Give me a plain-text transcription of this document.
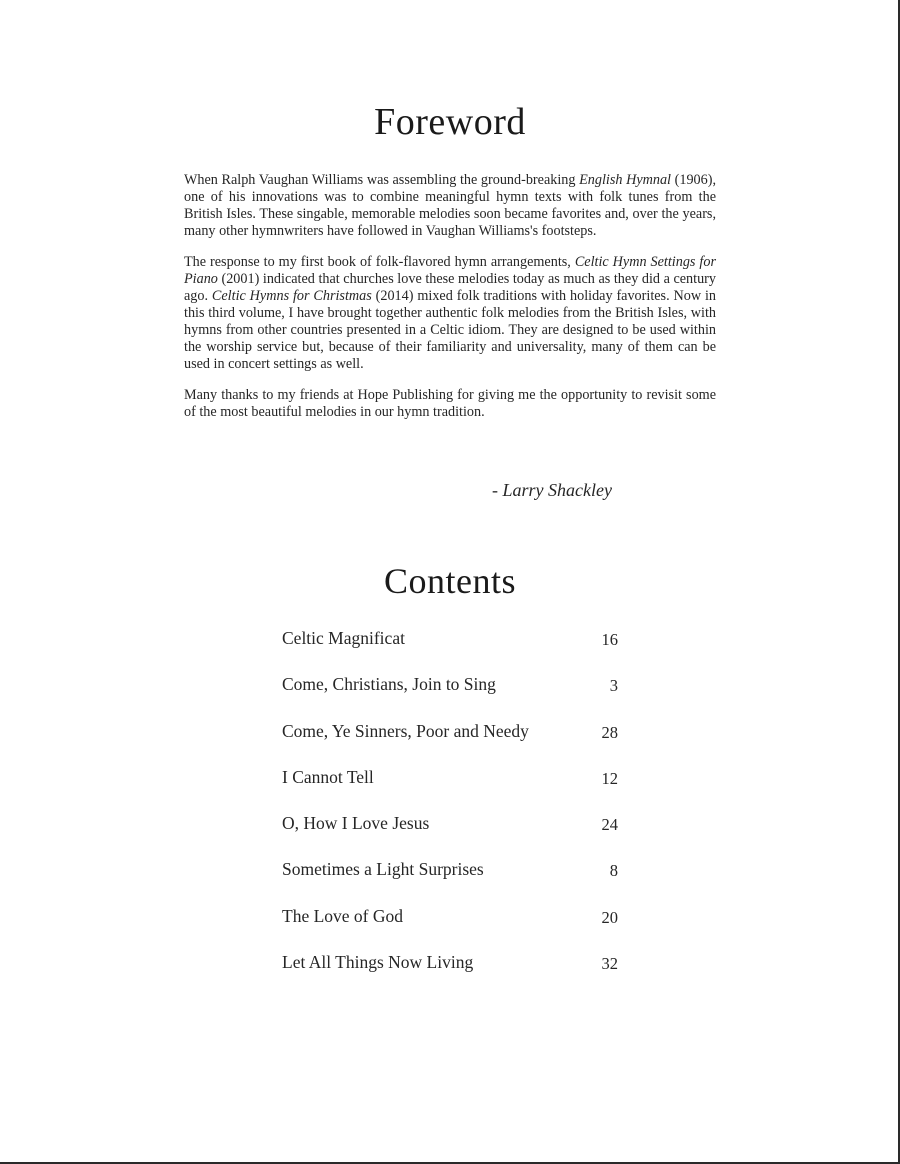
Foreword

When Ralph Vaughan Williams was assembling the ground-breaking English Hymnal (1906), one of his innovations was to combine meaningful hymn texts with folk tunes from the British Isles. These singable, memorable melodies soon became favorites and, over the years, many other hymnwriters have followed in Vaughan Williams's footsteps.

The response to my first book of folk-flavored hymn arrangements, Celtic Hymn Settings for Piano (2001) indicated that churches love these melodies today as much as they did a century ago. Celtic Hymns for Christmas (2014) mixed folk traditions with holiday favorites. Now in this third volume, I have brought together authentic folk melodies from the British Isles, with hymns from other countries presented in a Celtic idiom. They are designed to be used within the worship service but, because of their familiarity and universality, many of them can be used in concert settings as well.

Many thanks to my friends at Hope Publishing for giving me the opportunity to revisit some of the most beautiful melodies in our hymn tradition.

- Larry Shackley
Contents
Celtic Magnificat	16
Come, Christians, Join to Sing	3
Come, Ye Sinners, Poor and Needy	28
I Cannot Tell	12
O, How I Love Jesus	24
Sometimes a Light Surprises	8
The Love of God	20
Let All Things Now Living	32
